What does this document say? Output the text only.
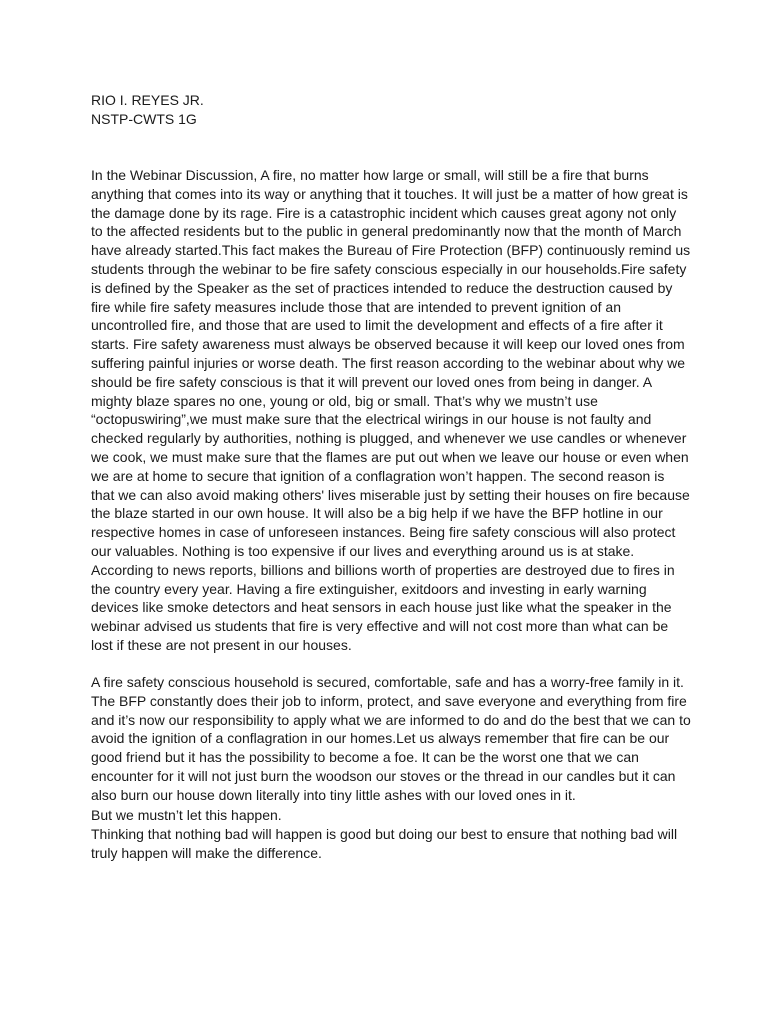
RIO I. REYES JR.
NSTP-CWTS 1G

In the Webinar Discussion, A fire, no matter how large or small, will still be a fire that burns anything that comes into its way or anything that it touches. It will just be a matter of how great is the damage done by its rage. Fire is a catastrophic incident which causes great agony not only to the affected residents but to the public in general predominantly now that the month of March have already started.This fact makes the Bureau of Fire Protection (BFP) continuously remind us students through the webinar to be fire safety conscious especially in our households.Fire safety is defined by the Speaker as the set of practices intended to reduce the destruction caused by fire while fire safety measures include those that are intended to prevent ignition of an uncontrolled fire, and those that are used to limit the development and effects of a fire after it starts. Fire safety awareness must always be observed because it will keep our loved ones from suffering painful injuries or worse death. The first reason according to the webinar about why we should be fire safety conscious is that it will prevent our loved ones from being in danger. A mighty blaze spares no one, young or old, big or small. That’s why we mustn’t use “octopuswiring”,we must make sure that the electrical wirings in our house is not faulty and checked regularly by authorities, nothing is plugged, and whenever we use candles or whenever we cook, we must make sure that the flames are put out when we leave our house or even when we are at home to secure that ignition of a conflagration won’t happen. The second reason is that we can also avoid making others' lives miserable just by setting their houses on fire because the blaze started in our own house. It will also be a big help if we have the BFP hotline in our respective homes in case of unforeseen instances. Being fire safety conscious will also protect our valuables. Nothing is too expensive if our lives and everything around us is at stake. According to news reports, billions and billions worth of properties are destroyed due to fires in the country every year. Having a fire extinguisher, exitdoors and investing in early warning devices like smoke detectors and heat sensors in each house just like what the speaker in the webinar advised us students that fire is very effective and will not cost more than what can be lost if these are not present in our houses.

A fire safety conscious household is secured, comfortable, safe and has a worry-free family in it. The BFP constantly does their job to inform, protect, and save everyone and everything from fire and it’s now our responsibility to apply what we are informed to do and do the best that we can to avoid the ignition of a conflagration in our homes.Let us always remember that fire can be our good friend but it has the possibility to become a foe. It can be the worst one that we can encounter for it will not just burn the woodson our stoves or the thread in our candles but it can also burn our house down literally into tiny little ashes with our loved ones in it.

But we mustn’t let this happen.

Thinking that nothing bad will happen is good but doing our best to ensure that nothing bad will truly happen will make the difference.
